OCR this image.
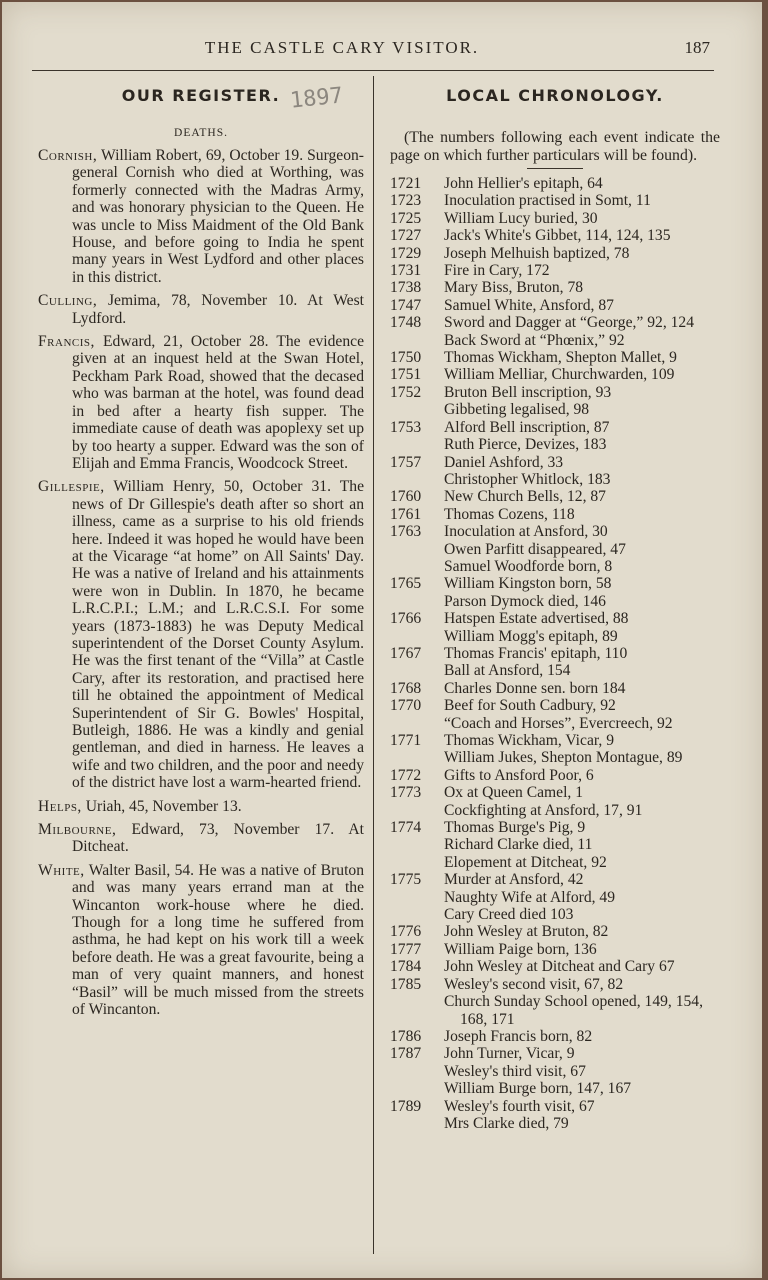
THE CASTLE CARY VISITOR.	187
OUR REGISTER. 1897
DEATHS.

Cornish, William Robert, 69, October 19. Surgeon-general Cornish who died at Worthing, was formerly connected with the Madras Army, and was honorary physician to the Queen. He was uncle to Miss Maidment of the Old Bank House, and before going to India he spent many years in West Lydford and other places in this district.

Culling, Jemima, 78, November 10. At West Lydford.

Francis, Edward, 21, October 28. The evidence given at an inquest held at the Swan Hotel, Peckham Park Road, showed that the decased who was barman at the hotel, was found dead in bed after a hearty fish supper. The immediate cause of death was apoplexy set up by too hearty a supper. Edward was the son of Elijah and Emma Francis, Woodcock Street.

Gillespie, William Henry, 50, October 31. The news of Dr Gillespie's death after so short an illness, came as a surprise to his old friends here. Indeed it was hoped he would have been at the Vicarage “at home” on All Saints' Day. He was a native of Ireland and his attainments were won in Dublin. In 1870, he became L.R.C.P.I.; L.M.; and L.R.C.S.I. For some years (1873-1883) he was Deputy Medical superintendent of the Dorset County Asylum. He was the first tenant of the “Villa” at Castle Cary, after its restoration, and practised here till he obtained the appointment of Medical Superintendent of Sir G. Bowles' Hospital, Butleigh, 1886. He was a kindly and genial gentleman, and died in harness. He leaves a wife and two children, and the poor and needy of the district have lost a warm-hearted friend.

Helps, Uriah, 45, November 13.

Milbourne, Edward, 73, November 17. At Ditcheat.

White, Walter Basil, 54. He was a native of Bruton and was many years errand man at the Wincanton work-house where he died. Though for a long time he suffered from asthma, he had kept on his work till a week before death. He was a great favourite, being a man of very quaint manners, and honest “Basil” will be much missed from the streets of Wincanton.

LOCAL CHRONOLOGY.
(The numbers following each event indicate the page on which further particulars will be found).
1721	John Hellier's epitaph, 64
1723	Inoculation practised in Somt, 11
1725	William Lucy buried, 30
1727	Jack's White's Gibbet, 114, 124, 135
1729	Joseph Melhuish baptized, 78
1731	Fire in Cary, 172
1738	Mary Biss, Bruton, 78
1747	Samuel White, Ansford, 87
1748	Sword and Dagger at “George,” 92, 124
Back Sword at “Phœnix,” 92
1750	Thomas Wickham, Shepton Mallet, 9
1751	William Melliar, Churchwarden, 109
1752	Bruton Bell inscription, 93
Gibbeting legalised, 98
1753	Alford Bell inscription, 87
Ruth Pierce, Devizes, 183
1757	Daniel Ashford, 33
Christopher Whitlock, 183
1760	New Church Bells, 12, 87
1761	Thomas Cozens, 118
1763	Inoculation at Ansford, 30
Owen Parfitt disappeared, 47
Samuel Woodforde born, 8
1765	William Kingston born, 58
Parson Dymock died, 146
1766	Hatspen Estate advertised, 88
William Mogg's epitaph, 89
1767	Thomas Francis' epitaph, 110
Ball at Ansford, 154
1768	Charles Donne sen. born 184
1770	Beef for South Cadbury, 92
“Coach and Horses”, Evercreech, 92
1771	Thomas Wickham, Vicar, 9
William Jukes, Shepton Montague, 89
1772	Gifts to Ansford Poor, 6
1773	Ox at Queen Camel, 1
Cockfighting at Ansford, 17, 91
1774	Thomas Burge's Pig, 9
Richard Clarke died, 11
Elopement at Ditcheat, 92
1775	Murder at Ansford, 42
Naughty Wife at Alford, 49
Cary Creed died 103
1776	John Wesley at Bruton, 82
1777	William Paige born, 136
1784	John Wesley at Ditcheat and Cary 67
1785	Wesley's second visit, 67, 82
Church Sunday School opened, 149, 154, 168, 171
1786	Joseph Francis born, 82
1787	John Turner, Vicar, 9
Wesley's third visit, 67
William Burge born, 147, 167
1789	Wesley's fourth visit, 67
Mrs Clarke died, 79
